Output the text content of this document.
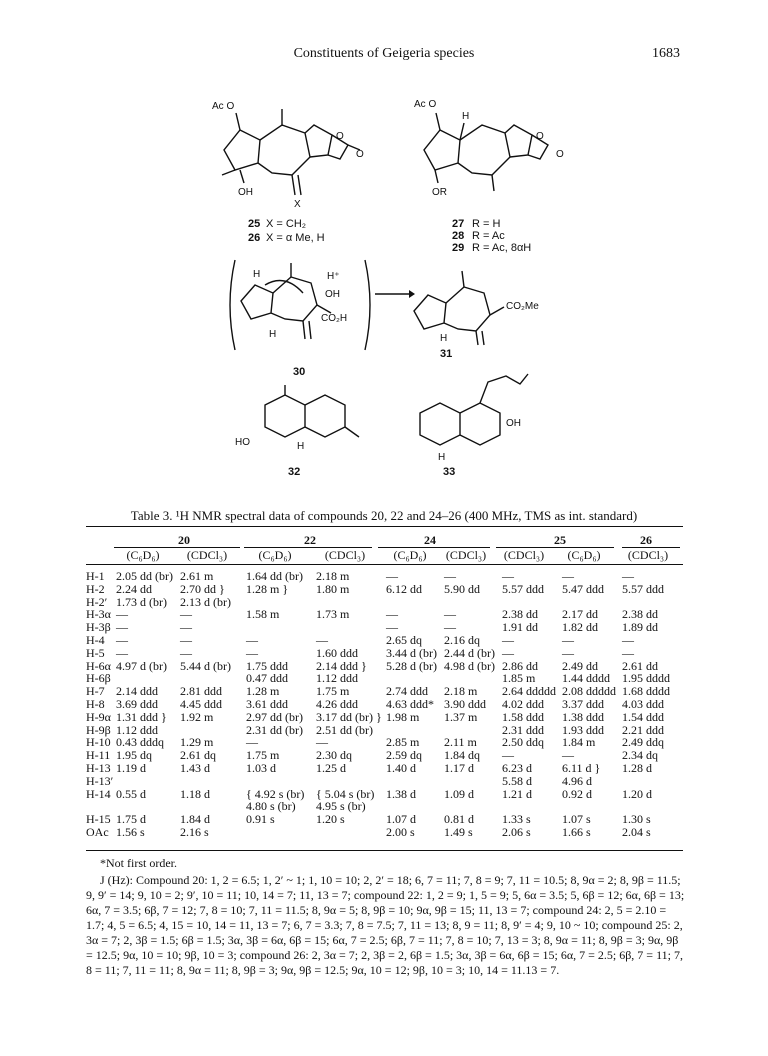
Constituents of Geigeria species	1683
Ac O
OH
X
O
O
25 X = CH₂
26 X = α Me, H
Ac O
H
OR
O
O
27 R = H
28 R = Ac
29 R = Ac, 8αH
H	H⁺
OH
CO₂H
H
30
CO₂Me
H
31
HO	H
32
OH
H
33
Table 3. ¹H NMR spectral data of compounds 20, 22 and 24–26 (400 MHz, TMS as int. standard)
20	22	24	25	26
(C₆D₆)	(CDCl₃)	(C₆D₆)	(CDCl₃)	(C₆D₆)	(CDCl₃)	(CDCl₃)	(C₆D₆)	(CDCl₃)
H-1	2.05 dd (br)	2.61 m	1.64 dd (br)	2.18 m	—	—	—	—	—
H-2	2.24 dd	2.70 dd }	1.28 m }	1.80 m	6.12 dd	5.90 dd	5.57 ddd	5.47 ddd	5.57 ddd
H-2′	1.73 d (br)	2.13 d (br)							
H-3α	—	—	1.58 m	1.73 m	—	—	2.38 dd	2.17 dd	2.38 dd
H-3β	—	—			—	—	1.91 dd	1.82 dd	1.89 dd
H-4	—	—	—	—	2.65 dq	2.16 dq	—	—	—
H-5	—	—	—	1.60 ddd	3.44 d (br)	2.44 d (br)	—	—	—
H-6α	4.97 d (br)	5.44 d (br)	1.75 ddd	2.14 ddd }	5.28 d (br)	4.98 d (br)	2.86 dd	2.49 dd	2.61 dd
H-6β			0.47 ddd	1.12 ddd			1.85 m	1.44 dddd	1.95 dddd
H-7	2.14 ddd	2.81 ddd	1.28 m	1.75 m	2.74 ddd	2.18 m	2.64 ddddd	2.08 ddddd	1.68 dddd
H-8	3.69 ddd	4.45 ddd	3.61 ddd	4.26 ddd	4.63 ddd*	3.90 ddd	4.02 ddd	3.37 ddd	4.03 ddd
H-9α	1.31 ddd }	1.92 m	2.97 dd (br)	3.17 dd (br) }	1.98 m	1.37 m	1.58 ddd	1.38 ddd	1.54 ddd
H-9β	1.12 ddd		2.31 dd (br)	2.51 dd (br)			2.31 ddd	1.93 ddd	2.21 ddd
H-10	0.43 dddq	1.29 m	—	—	2.85 m	2.11 m	2.50 ddq	1.84 m	2.49 ddq
H-11	1.95 dq	2.61 dq	1.75 m	2.30 dq	2.59 dq	1.84 dq	—	—	2.34 dq
H-13	1.19 d	1.43 d	1.03 d	1.25 d	1.40 d	1.17 d	6.23 d	6.11 d }	1.28 d
H-13′							5.58 d	4.96 d	
H-14	0.55 d	1.18 d	{ 4.92 s (br)	{ 5.04 s (br)	1.38 d	1.09 d	1.21 d	0.92 d	1.20 d
			4.80 s (br)	4.95 s (br)					
H-15	1.75 d	1.84 d	0.91 s	1.20 s	1.07 d	0.81 d	1.33 s	1.07 s	1.30 s
OAc	1.56 s	2.16 s			2.00 s	1.49 s	2.06 s	1.66 s	2.04 s

*Not first order.

J (Hz): Compound 20: 1, 2 = 6.5; 1, 2′ ~ 1; 1, 10 = 10; 2, 2′ = 18; 6, 7 = 11; 7, 8 = 9; 7, 11 = 10.5; 8, 9α = 2; 8, 9β = 11.5; 9, 9′ = 14; 9, 10 = 2; 9′, 10 = 11; 10, 14 = 7; 11, 13 = 7; compound 22: 1, 2 = 9; 1, 5 = 9; 5, 6α = 3.5; 5, 6β = 12; 6α, 6β = 13; 6α, 7 = 3.5; 6β, 7 = 12; 7, 8 = 10; 7, 11 = 11.5; 8, 9α = 5; 8, 9β = 10; 9α, 9β = 15; 11, 13 = 7; compound 24: 2, 5 = 2.10 = 1.7; 4, 5 = 6.5; 4, 15 = 10, 14 = 11, 13 = 7; 6, 7 = 3.3; 7, 8 = 7.5; 7, 11 = 13; 8, 9 = 11; 8, 9′ = 4; 9, 10 ~ 10; compound 25: 2, 3α = 7; 2, 3β = 1.5; 6β = 1.5; 3α, 3β = 6α, 6β = 15; 6α, 7 = 2.5; 6β, 7 = 11; 7, 8 = 10; 7, 13 = 3; 8, 9α = 11; 8, 9β = 3; 9α, 9β = 12.5; 9α, 10 = 10; 9β, 10 = 3; compound 26: 2, 3α = 7; 2, 3β = 2, 6β = 1.5; 3α, 3β = 6α, 6β = 15; 6α, 7 = 2.5; 6β, 7 = 11; 7, 8 = 11; 7, 11 = 11; 8, 9α = 11; 8, 9β = 3; 9α, 9β = 12.5; 9α, 10 = 12; 9β, 10 = 3; 10, 14 = 11.13 = 7.
